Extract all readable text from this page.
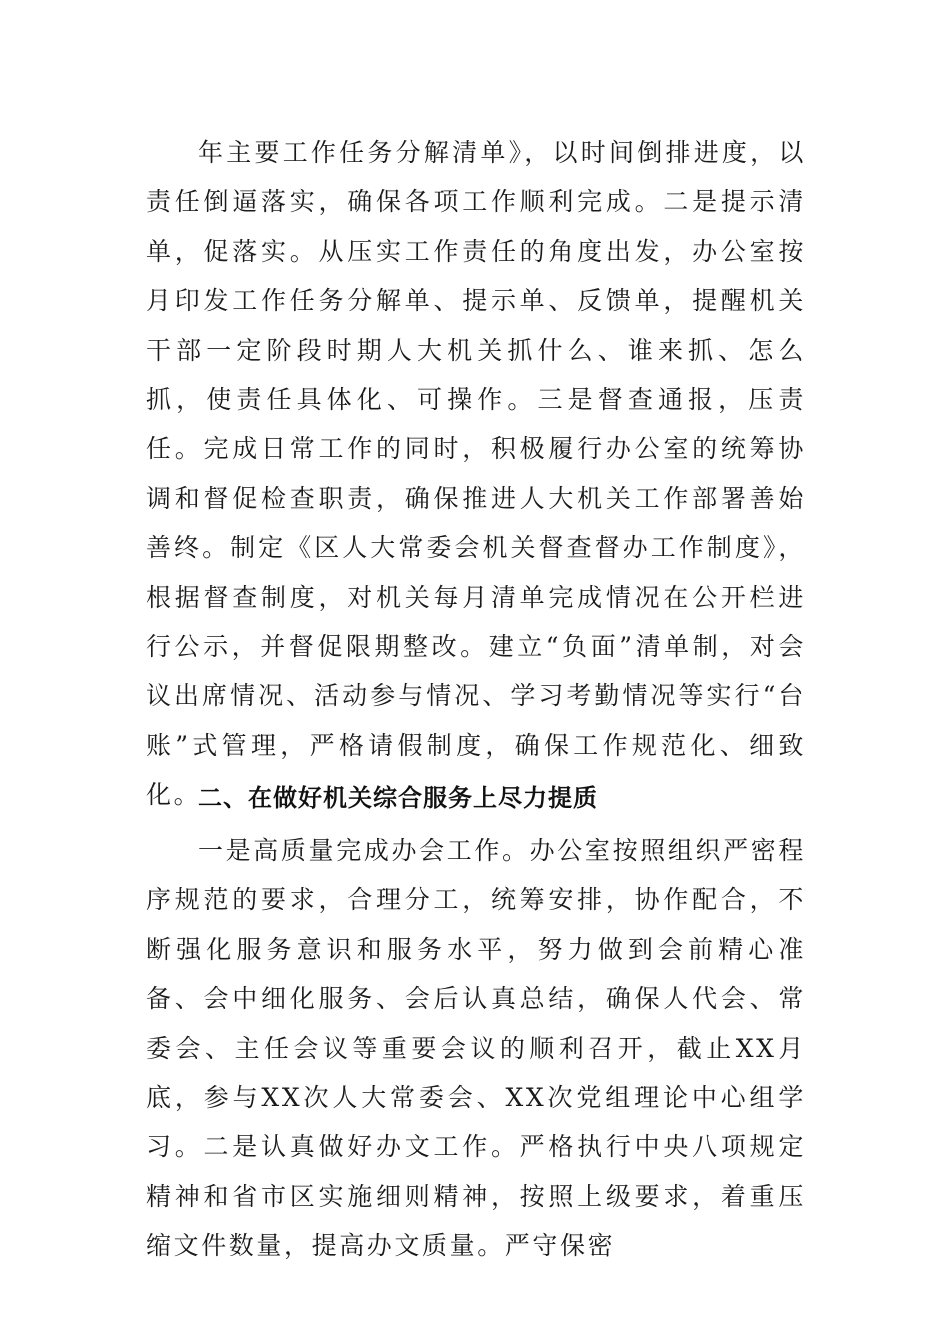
年主要工作任务分解清单》，以时间倒排进度，以责任倒逼落实，确保各项工作顺利完成。二是提示清单，促落实。从压实工作责任的角度出发，办公室按月印发工作任务分解单、提示单、反馈单，提醒机关干部一定阶段时期人大机关抓什么、谁来抓、怎么抓，使责任具体化、可操作。三是督查通报，压责任。完成日常工作的同时，积极履行办公室的统筹协调和督促检查职责，确保推进人大机关工作部署善始善终。制定《区人大常委会机关督查督办工作制度》，根据督查制度，对机关每月清单完成情况在公开栏进行公示，并督促限期整改。建立“负面”清单制，对会议出席情况、活动参与情况、学习考勤情况等实行“台账”式管理，严格请假制度，确保工作规范化、细致化。

二、在做好机关综合服务上尽力提质

一是高质量完成办会工作。办公室按照组织严密程序规范的要求，合理分工，统筹安排，协作配合，不断强化服务意识和服务水平，努力做到会前精心准备、会中细化服务、会后认真总结，确保人代会、常委会、主任会议等重要会议的顺利召开，截止XX月底，参与XX次人大常委会、XX次党组理论中心组学习。二是认真做好办文工作。严格执行中央八项规定精神和省市区实施细则精神，按照上级要求，着重压缩文件数量，提高办文质量。严守保密
